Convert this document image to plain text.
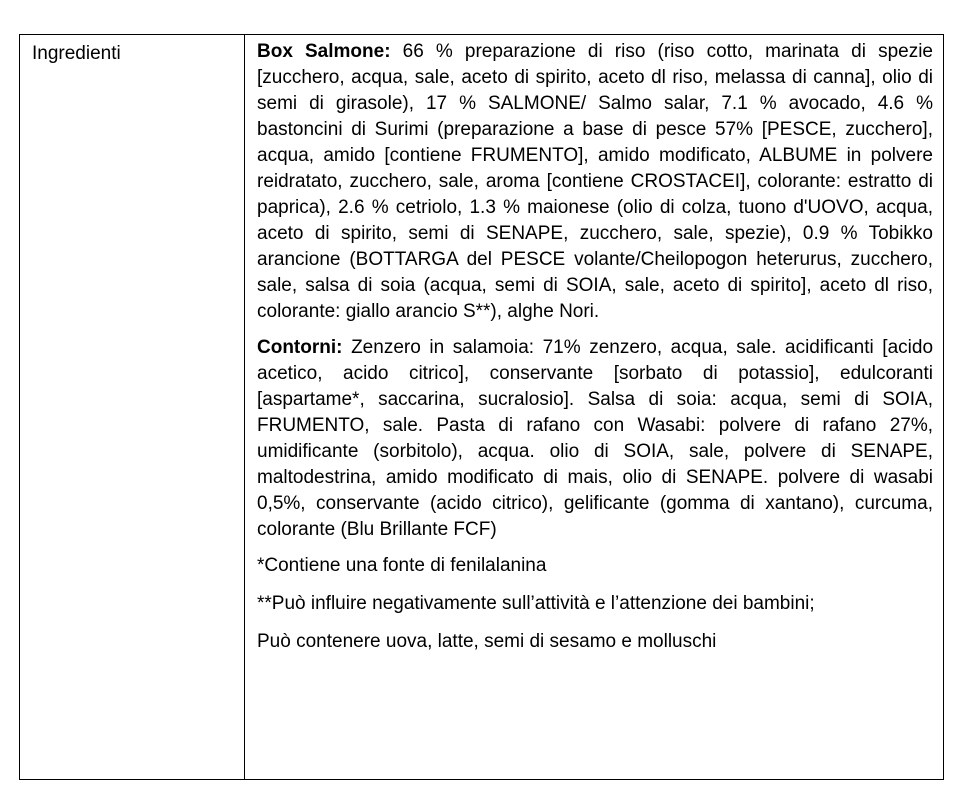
Ingredienti	Box Salmone: 66 % preparazione di riso (riso cotto, marinata di spezie [zucchero, acqua, sale, aceto di spirito, aceto dl riso, melassa di canna], olio di semi di girasole), 17 % SALMONE/ Salmo salar, 7.1 % avocado, 4.6 % bastoncini di Surimi (preparazione a base di pesce 57% [PESCE, zucchero], acqua, amido [contiene FRUMENTO], amido modificato, ALBUME in polvere reidratato, zucchero, sale, aroma [contiene CROSTACEI], colorante: estratto di paprica), 2.6 % cetriolo, 1.3 % maionese (olio di colza, tuono d'UOVO, acqua, aceto di spirito, semi di SENAPE, zucchero, sale, spezie), 0.9 % Tobikko arancione (BOTTARGA del PESCE volante/Cheilopogon heterurus, zucchero, sale, salsa di soia (acqua, semi di SOIA, sale, aceto di spirito], aceto dl riso, colorante: giallo arancio S**), alghe Nori.

Contorni: Zenzero in salamoia: 71% zenzero, acqua, sale. acidificanti [acido acetico, acido citrico], conservante [sorbato di potassio], edulcoranti [aspartame*, saccarina, sucralosio]. Salsa di soia: acqua, semi di SOIA, FRUMENTO, sale. Pasta di rafano con Wasabi: polvere di rafano 27%, umidificante (sorbitolo), acqua. olio di SOIA, sale, polvere di SENAPE, maltodestrina, amido modificato di mais, olio di SENAPE. polvere di wasabi 0,5%, conservante (acido citrico), gelificante (gomma di xantano), curcuma, colorante (Blu Brillante FCF)

*Contiene una fonte di fenilalanina

**Può influire negativamente sull’attività e l’attenzione dei bambini;

Può contenere uova, latte, semi di sesamo e molluschi
